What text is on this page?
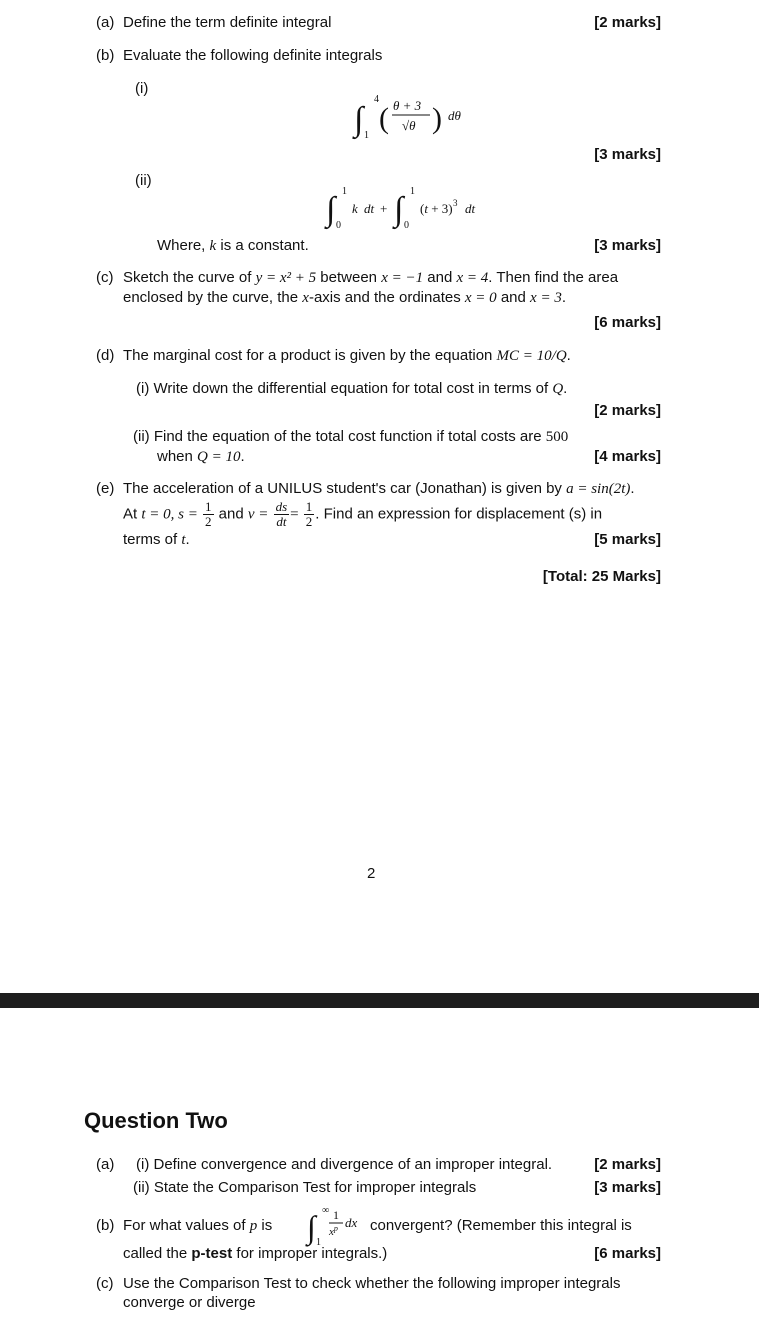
(a) Define the term definite integral	[2 marks]
(b) Evaluate the following definite integrals
(i)
∫
4
1
( θ + 3
√θ ) dθ
[3 marks]
(ii)
∫ 1
0
k dt + ∫ 1
0
(t + 3) 3 dt
Where, k is a constant.	[3 marks]
(c) Sketch the curve of y = x² + 5 between x = −1 and x = 4. Then find the area
enclosed by the curve, the x-axis and the ordinates x = 0 and x = 3.
[6 marks]
(d) The marginal cost for a product is given by the equation MC = 10/Q.
(i) Write down the differential equation for total cost in terms of Q.
[2 marks]
(ii) Find the equation of the total cost function if total costs are 500
when Q = 10.	[4 marks]
(e) The acceleration of a UNILUS student's car (Jonathan) is given by a = sin(2t).
At t = 0, $s = \frac{1}{2}$ and $v = \frac{ds}{dt} = \frac{1}{2}$ . Find an expression for displacement (s) in
terms of t.	[5 marks]
[Total: 25 Marks]
2
Question Two
(a) (i) Define convergence and divergence of an improper integral.	[2 marks]
(ii) State the Comparison Test for improper integrals	[3 marks]
(b) For what values of p is ∫ ∞
1
1
$x^p$ dx convergent? (Remember this integral is
called the p-test for improper integrals.)	[6 marks]
(c) Use the Comparison Test to check whether the following improper integrals
converge or diverge
